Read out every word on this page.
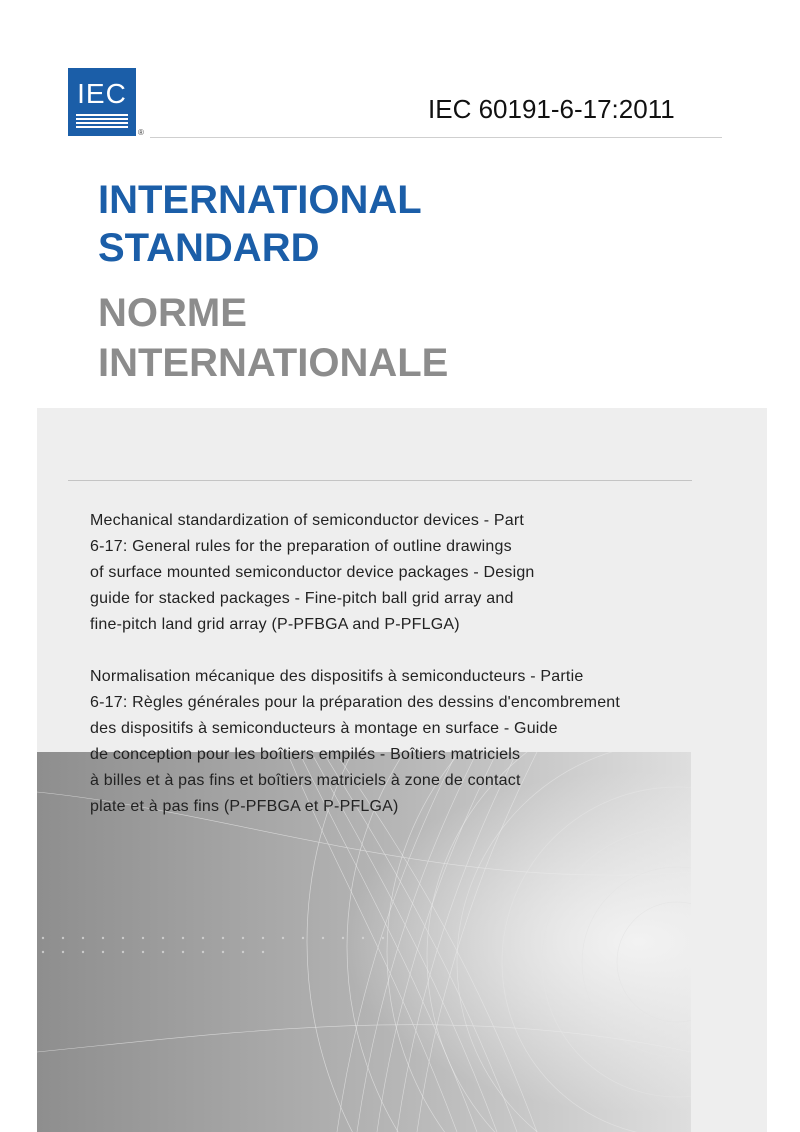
IEC
®
IEC 60191-6-17:2011
INTERNATIONAL
STANDARD
NORME
INTERNATIONALE
Mechanical standardization of semiconductor devices - Part
6-17: General rules for the preparation of outline drawings
of surface mounted semiconductor device packages - Design
guide for stacked packages - Fine-pitch ball grid array and
fine-pitch land grid array (P-PFBGA and P-PFLGA)
Normalisation mécanique des dispositifs à semiconducteurs - Partie
6-17: Règles générales pour la préparation des dessins d'encombrement
des dispositifs à semiconducteurs à montage en surface - Guide
de conception pour les boîtiers empilés - Boîtiers matriciels
à billes et à pas fins et boîtiers matriciels à zone de contact
plate et à pas fins (P-PFBGA et P-PFLGA)
